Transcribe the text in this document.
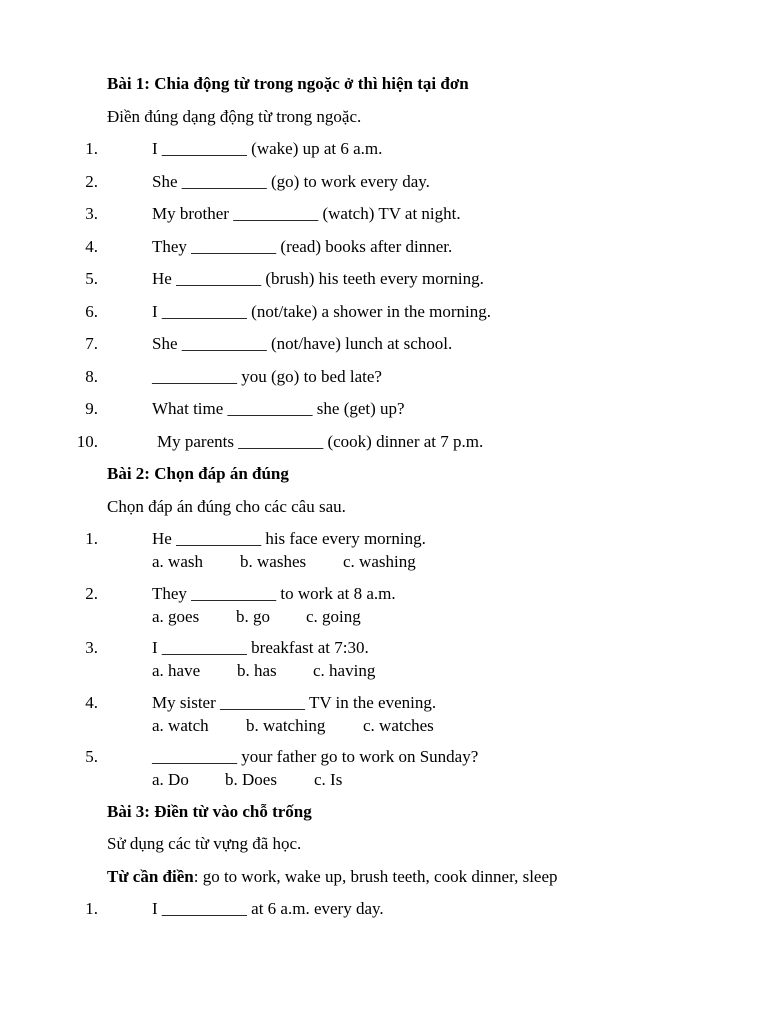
Bài 1: Chia động từ trong ngoặc ở thì hiện tại đơn
Điền đúng dạng động từ trong ngoặc.
1.	I __________ (wake) up at 6 a.m.
2.	She __________ (go) to work every day.
3.	My brother __________ (watch) TV at night.
4.	They __________ (read) books after dinner.
5.	He __________ (brush) his teeth every morning.
6.	I __________ (not/take) a shower in the morning.
7.	She __________ (not/have) lunch at school.
8.	__________ you (go) to bed late?
9.	What time __________ she (get) up?
10.	My parents __________ (cook) dinner at 7 p.m.
Bài 2: Chọn đáp án đúng
Chọn đáp án đúng cho các câu sau.
1.	He __________ his face every morning.
a. wash b. washes c. washing
2.	They __________ to work at 8 a.m.
a. goes b. go c. going
3.	I __________ breakfast at 7:30.
a. have b. has c. having
4.	My sister __________ TV in the evening.
a. watch b. watching c. watches
5.	__________ your father go to work on Sunday?
a. Do b. Does c. Is
Bài 3: Điền từ vào chỗ trống
Sử dụng các từ vựng đã học.
Từ cần điền: go to work, wake up, brush teeth, cook dinner, sleep
1.	I __________ at 6 a.m. every day.
